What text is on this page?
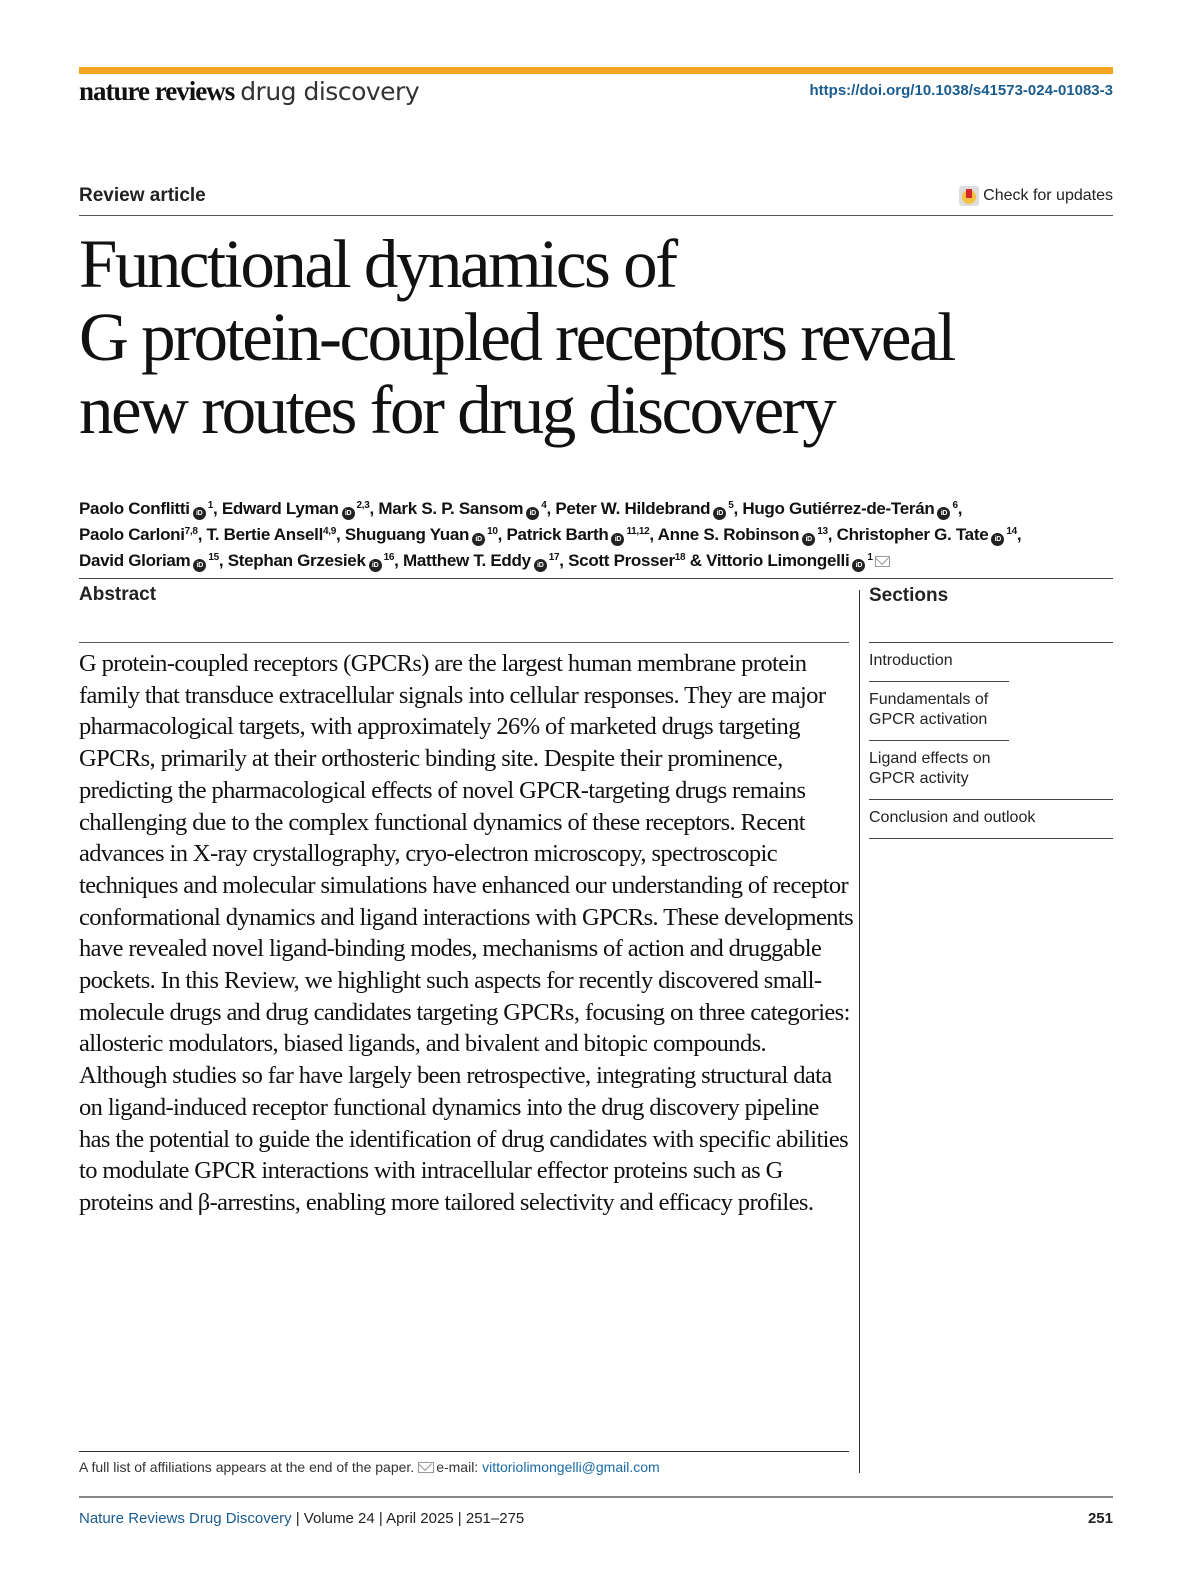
nature reviews drug discovery	https://doi.org/10.1038/s41573-024-01083-3
Review article	Check for updates
Functional dynamics of
G protein-coupled receptors reveal
new routes for drug discovery
Paolo Conflitti $iD^1$, Edward Lyman iD$^{2,3}$, Mark S. P. Sansom $iD^4$, Peter W. Hildebrand $iD^5$, Hugo Gutiérrez-de-Terán $iD^6$,
Paolo Carloni$^{7,8}$, T. Bertie Ansell$^{4,9}$, Shuguang Yuan $iD^{10}$, Patrick Barth iD$^{11,12}$, Anne S. Robinson $iD^{13}$, Christopher G. Tate $iD^{14}$,
David Gloriam $iD^{15}$, Stephan Grzesiek $iD^{16}$, Matthew T. Eddy $iD^{17}$, Scott Prosser$^{18}$ & Vittorio Limongelli $iD^1$
Abstract

G protein-coupled receptors (GPCRs) are the largest human membrane protein family that transduce extracellular signals into cellular responses. They are major pharmacological targets, with approximately 26% of marketed drugs targeting GPCRs, primarily at their orthosteric binding site. Despite their prominence, predicting the pharmacological effects of novel GPCR-targeting drugs remains challenging due to the complex functional dynamics of these receptors. Recent advances in X-ray crystallography, cryo-electron microscopy, spectroscopic techniques and molecular simulations have enhanced our understanding of receptor conformational dynamics and ligand interactions with GPCRs. These developments have revealed novel ligand-binding modes, mechanisms of action and druggable pockets. In this Review, we highlight such aspects for recently discovered small-molecule drugs and drug candidates targeting GPCRs, focusing on three categories: allosteric modulators, biased ligands, and bivalent and bitopic compounds. Although studies so far have largely been retrospective, integrating structural data on ligand-induced receptor functional dynamics into the drug discovery pipeline has the potential to guide the identification of drug candidates with specific abilities to modulate GPCR interactions with intracellular effector proteins such as G proteins and β-arrestins, enabling more tailored selectivity and efficacy profiles.

Sections
Introduction
Fundamentals of GPCR activation
Ligand effects on GPCR activity
Conclusion and outlook
A full list of affiliations appears at the end of the paper. e-mail: vittoriolimongelli@gmail.com
Nature Reviews Drug Discovery | Volume 24 | April 2025 | 251–275	251
